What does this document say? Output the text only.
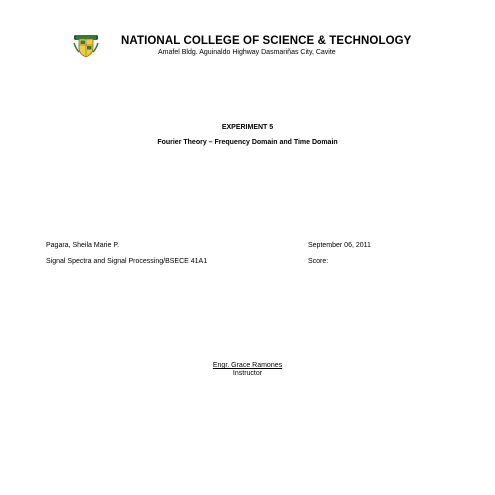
NATIONAL COLLEGE OF SCIENCE & TECHNOLOGY
Amafel Bldg. Aguinaldo Highway Dasmariñas City, Cavite
EXPERIMENT 5
Fourier Theory – Frequency Domain and Time Domain
Pagara, Sheila Marie P.
Signal Spectra and Signal Processing/BSECE 41A1
September 06, 2011
Score:
Engr. Grace Ramones
Instructor
